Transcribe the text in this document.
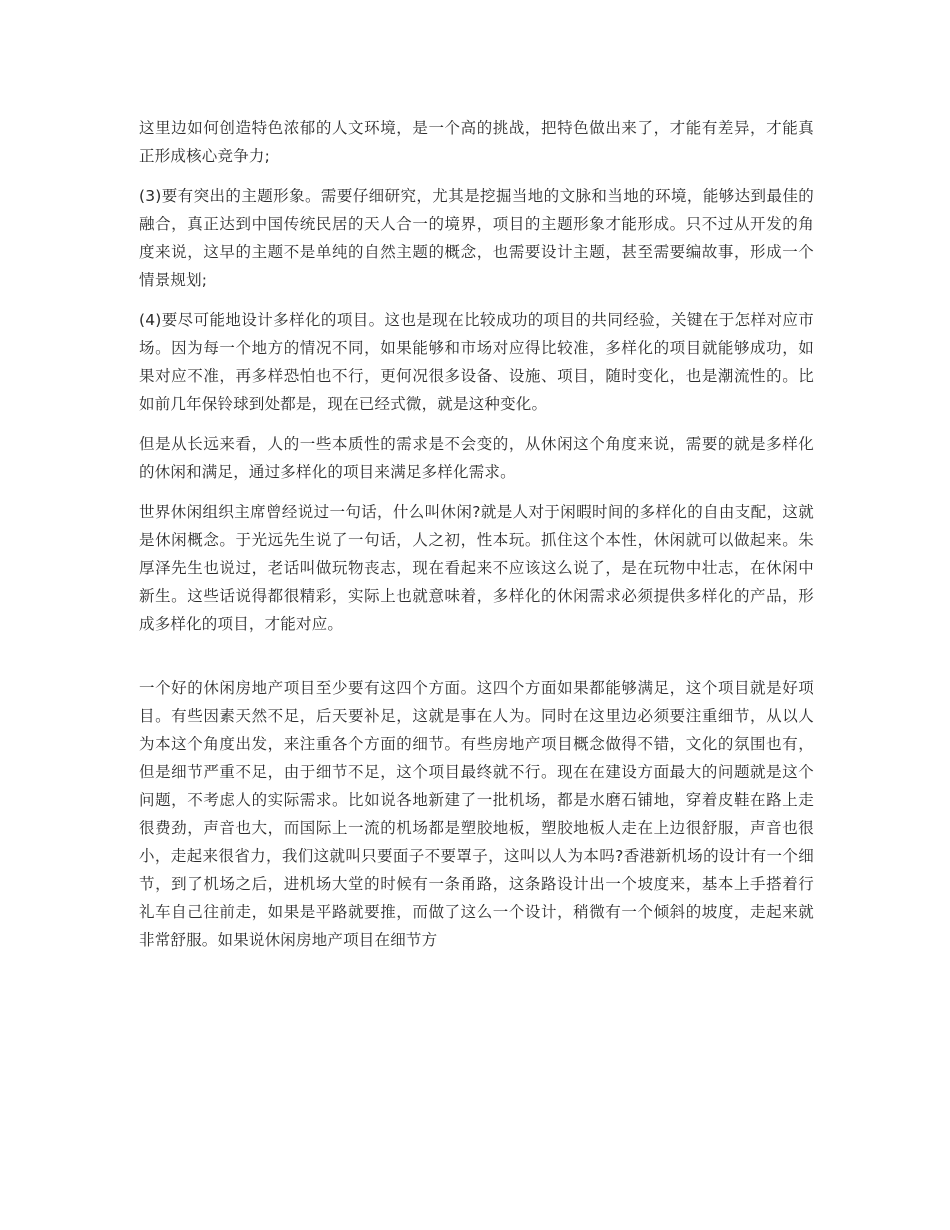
这里边如何创造特色浓郁的人文环境，是一个高的挑战，把特色做出来了，才能有差异，才能真正形成核心竞争力;

(3)要有突出的主题形象。需要仔细研究，尤其是挖掘当地的文脉和当地的环境，能够达到最佳的融合，真正达到中国传统民居的天人合一的境界，项目的主题形象才能形成。只不过从开发的角度来说，这早的主题不是单纯的自然主题的概念，也需要设计主题，甚至需要编故事，形成一个情景规划;

(4)要尽可能地设计多样化的项目。这也是现在比较成功的项目的共同经验，关键在于怎样对应市场。因为每一个地方的情况不同，如果能够和市场对应得比较准，多样化的项目就能够成功，如果对应不准，再多样恐怕也不行，更何况很多设备、设施、项目，随时变化，也是潮流性的。比如前几年保铃球到处都是，现在已经式微，就是这种变化。

但是从长远来看，人的一些本质性的需求是不会变的，从休闲这个角度来说，需要的就是多样化的休闲和满足，通过多样化的项目来满足多样化需求。

世界休闲组织主席曾经说过一句话，什么叫休闲?就是人对于闲暇时间的多样化的自由支配，这就是休闲概念。于光远先生说了一句话，人之初，性本玩。抓住这个本性，休闲就可以做起来。朱厚泽先生也说过，老话叫做玩物丧志，现在看起来不应该这么说了，是在玩物中壮志，在休闲中新生。这些话说得都很精彩，实际上也就意味着，多样化的休闲需求必须提供多样化的产品，形成多样化的项目，才能对应。

一个好的休闲房地产项目至少要有这四个方面。这四个方面如果都能够满足，这个项目就是好项目。有些因素天然不足，后天要补足，这就是事在人为。同时在这里边必须要注重细节，从以人为本这个角度出发，来注重各个方面的细节。有些房地产项目概念做得不错，文化的氛围也有，但是细节严重不足，由于细节不足，这个项目最终就不行。现在在建设方面最大的问题就是这个问题，不考虑人的实际需求。比如说各地新建了一批机场，都是水磨石铺地，穿着皮鞋在路上走很费劲，声音也大，而国际上一流的机场都是塑胶地板，塑胶地板人走在上边很舒服，声音也很小，走起来很省力，我们这就叫只要面子不要罩子，这叫以人为本吗?香港新机场的设计有一个细节，到了机场之后，进机场大堂的时候有一条甬路，这条路设计出一个坡度来，基本上手搭着行礼车自己往前走，如果是平路就要推，而做了这么一个设计，稍微有一个倾斜的坡度，走起来就非常舒服。如果说休闲房地产项目在细节方
